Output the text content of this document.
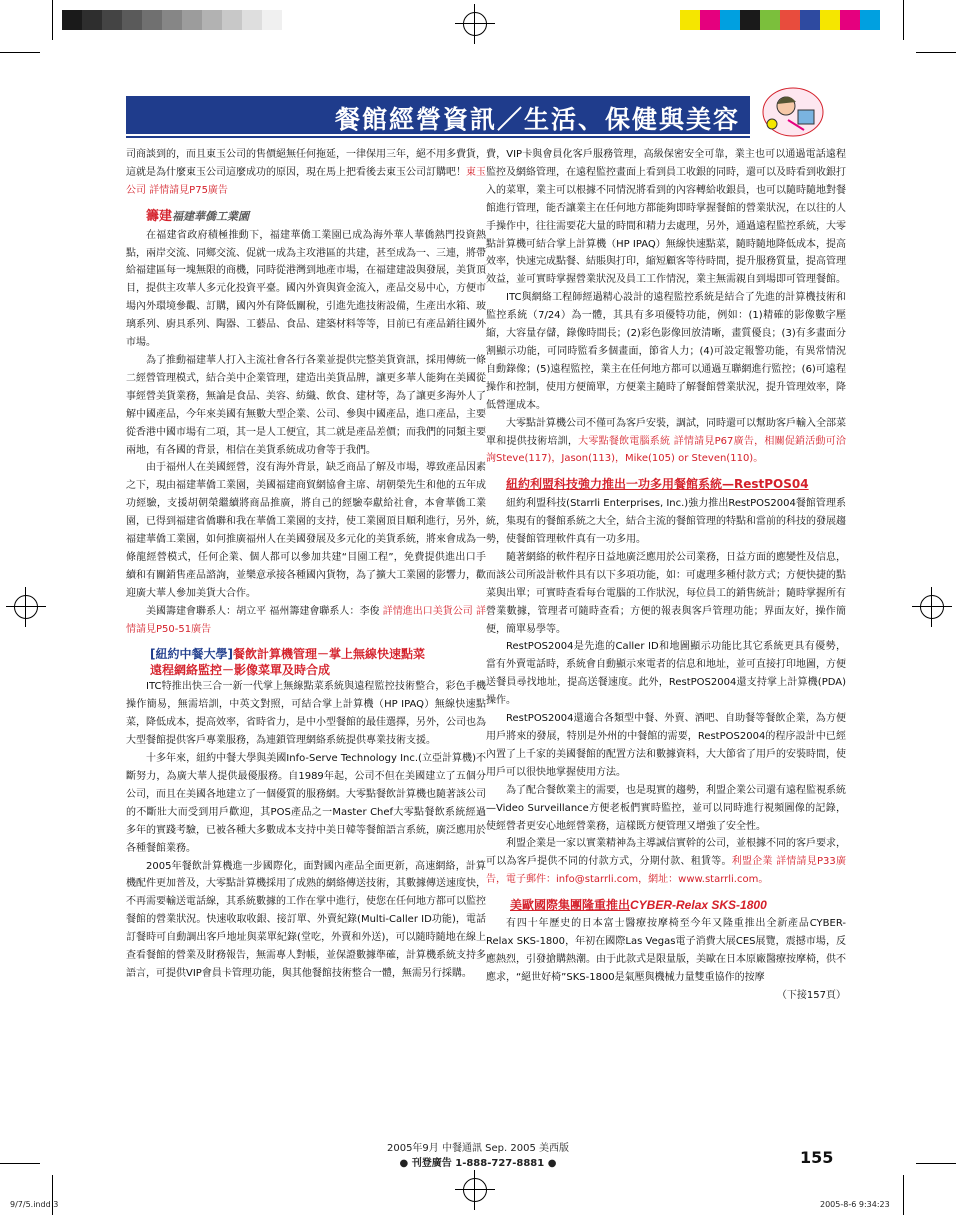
餐館經營資訊／生活、保健與美容

司商談到的，而且東玉公司的售價絕無任何拖延，一律保用三年，絕不用多費貨，這就是為什麼東玉公司這麼成功的原因，現在馬上把看後去東玉公司訂購吧！東玉公司 詳情請見P75廣告

籌建福建華僑工業園

在福建省政府積極推動下，福建華僑工業園已成為海外華人華僑熱門投資熱點，兩岸交流、同鄉交流、促就一成為主攻港區的共建，甚至成為一、三連，將帶給福建區每一塊無限的商機，同時從港灣到地產市場，在福建建設與發展，美貨頂目，提供主攻華人多元化投資平臺。國內外資與資金流入，產品交易中心，方便市場內外環境參觀、訂購，國內外有降低關稅，引進先進技術設備，生產出水箱、玻璃系列、廚具系列、陶器、工藝品、食品、建築材料等等，目前已有產品銷往國外市場。

為了推動福建華人打入主流社會各行各業並提供完整美貨資訊，採用傳統一條二經營管理模式，結合美中企業管理，建造出美貨品牌，讓更多華人能夠在美國從事經營美貨業務，無論是食品、美容、紡織、飲食、建材等，為了讓更多海外人了解中國產品，今年來美國有無數大型企業、公司、參與中國產品，進口產品，主要從香港中國市場有二項，其一是人工便宜，其二就是產品差價；而我們的同類主要兩地，有各國的背景，相信在美貨系統成功會等于我們。

由于福州人在美國經營，沒有海外背景，缺乏商品了解及市場，導致產品因素之下，現由福建華僑工業園，美國福建商貿網協會主席、胡朝榮先生和他的五年成功經驗，支援胡朝榮繼續將商品推廣，將自己的經驗奉獻給社會，本會華僑工業園，已得到福建省僑聯和我在華僑工業園的支持，使工業園頂目順利進行，另外，福建華僑工業園，如何推廣福州人在美國發展及多元化的美貨系統，將來會成為一條龍經營模式，任何企業、個人都可以參加共建“目園工程”，免費提供進出口手續和有關銷售產品諮詢，並樂意承接各種國內貨物，為了擴大工業園的影響力，歡迎廣大華人參加美貨大合作。

美國籌建會聯系人：胡立平 福州籌建會聯系人：李俊 詳情進出口美貨公司 詳情請見P50-51廣告

[紐約中餐大學]餐飲計算機管理－掌上無線快速點菜

遠程網絡監控－影像菜單及時合成

ITC特推出快三合一新一代掌上無線點菜系統與遠程監控技術整合，彩色手機操作簡易，無需培訓，中英文對照，可結合掌上計算機（HP IPAQ）無線快速點菜，降低成本，提高效率，省時省力，是中小型餐館的最佳選擇，另外，公司也為大型餐館提供客戶專業服務，為連鎖管理網絡系統提供專業技術支援。

十多年來，紐約中餐大學與美國Info-Serve Technology Inc.(立亞計算機)不斷努力，為廣大華人提供最優服務。自1989年起，公司不但在美國建立了五個分公司，而且在美國各地建立了一個優質的服務網。大零點餐飲計算機也隨著該公司的不斷壯大而受到用戶歡迎，其POS產品之一Master Chef大零點餐飲系統經過多年的實踐考驗，已被各種大多數成本支持中美日韓等餐館語言系統，廣泛應用於各種餐館業務。

2005年餐飲計算機進一步國際化，面對國內產品全面更新，高速網絡，計算機配件更加普及，大零點計算機採用了成熟的網絡傳送技術，其數據傳送速度快，不再需要輸送電話線，其系統數據的工作在掌中進行，使您在任何地方都可以監控餐館的營業狀況。快速收取收銀、接訂單、外賣紀錄(Multi-Caller ID功能)，電話訂餐時可自動調出客戶地址與菜單紀錄(堂吃，外賣和外送)，可以隨時隨地在線上查看餐館的營業及財務報告，無需專人對帳，並保證數據準確，計算機系統支持多語言，可提供VIP會員卡管理功能，與其他餐館技術整合一體，無需另行採購。

費，VIP卡與會員化客戶服務管理，高級保密安全可靠，業主也可以通過電話遠程監控及網絡管理，在遠程監控畫面上看到員工收銀的同時，還可以及時看到收銀打入的菜單，業主可以根據不同情況將看到的內容轉給收銀員，也可以隨時隨地對餐館進行管理，能否讓業主在任何地方都能夠即時掌握餐館的營業狀況，在以往的人手操作中，往往需要花大量的時間和精力去處理，另外，通過遠程監控系統，大零點計算機可結合掌上計算機（HP IPAQ）無線快速點菜，隨時隨地降低成本，提高效率，快速完成點餐、結賬與打印，縮短顧客等待時間，提升服務質量，提高管理效益，並可實時掌握營業狀況及員工工作情況，業主無需親自到場即可管理餐館。

ITC與網絡工程師經過精心設計的遠程監控系統是結合了先進的計算機技術和監控系統（7/24）為一體，其具有多項優特功能，例如：(1)精確的影像數字壓縮，大容量存儲，錄像時間長；(2)彩色影像回放清晰，畫質優良；(3)有多畫面分割顯示功能，可同時監看多個畫面，節省人力；(4)可設定報警功能，有異常情況自動錄像；(5)遠程監控，業主在任何地方都可以通過互聯網進行監控；(6)可遠程操作和控制，使用方便簡單，方便業主隨時了解餐館營業狀況，提升管理效率，降低營運成本。

大零點計算機公司不僅可為客戶安裝，調試，同時還可以幫助客戶輸入全部菜單和提供技術培訓，大零點餐飲電腦系統 詳情請見P67廣告，相關促銷活動可洽詢Steve(117)，Jason(113)，Mike(105) or Steven(110)。

紐約利盟科技強力推出一功多用餐館系統—RestPOS04

紐約利盟科技(Starrli Enterprises, Inc.)強力推出RestPOS2004餐館管理系統，集現有的餐館系統之大全，結合主流的餐館管理的特點和當前的科技的發展趨勢，使餐館管理軟件真有一功多用。

隨著網絡的軟件程序日益地廣泛應用於公司業務，日益方面的應變性及信息，而該公司所設計軟件具有以下多項功能，如：可處理多種付款方式；方便快捷的點菜與出單；可實時查看每台電腦的工作狀況，每位員工的銷售統計；隨時掌握所有營業數據，管理者可隨時查看；方便的報表與客戶管理功能；界面友好，操作簡便，簡單易學等。

RestPOS2004是先進的Caller ID和地圖顯示功能比其它系統更具有優勢，當有外賣電話時，系統會自動顯示來電者的信息和地址，並可直接打印地圖，方便送餐員尋找地址，提高送餐速度。此外，RestPOS2004還支持掌上計算機(PDA)操作。

RestPOS2004還適合各類型中餐、外賣、酒吧、自助餐等餐飲企業，為方便用戶將來的發展，特別是外州的中餐館的需要，RestPOS2004的程序設計中已經內置了上千家的美國餐館的配置方法和數據資料，大大節省了用戶的安裝時間，使用戶可以很快地掌握使用方法。

為了配合餐飲業主的需要，也是現實的趨勢，利盟企業公司還有遠程監視系統—Video Surveillance方便老板們實時監控，並可以同時進行視頻圖像的記錄，使經營者更安心地經營業務，這樣既方便管理又增強了安全性。

利盟企業是一家以實業精神為主導誠信實幹的公司，並根據不同的客戶要求，可以為客戶提供不同的付款方式，分期付款、租賃等。利盟企業 詳情請見P33廣告，電子郵件：info@starrli.com，網址：www.starrli.com。

美歐國際集團隆重推出CYBER-Relax SKS-1800

有四十年歷史的日本富士醫療按摩椅至今年又隆重推出全新產品CYBER-Relax SKS-1800，年初在國際Las Vegas電子消費大展CES展覽，震撼市場，反應熱烈，引發搶購熱潮。由于此款式是限量版，美歐在日本原廠醫療按摩椅，供不應求，“絕世好椅”SKS-1800是氣壓與機械力量雙重協作的按摩

（下接157頁）

2005年9月 中餐通訊 Sep. 2005 美西版
● 刊登廣告 1-888-727-8881 ●	155
9/7/5.indd 3	2005-8-6 9:34:23
